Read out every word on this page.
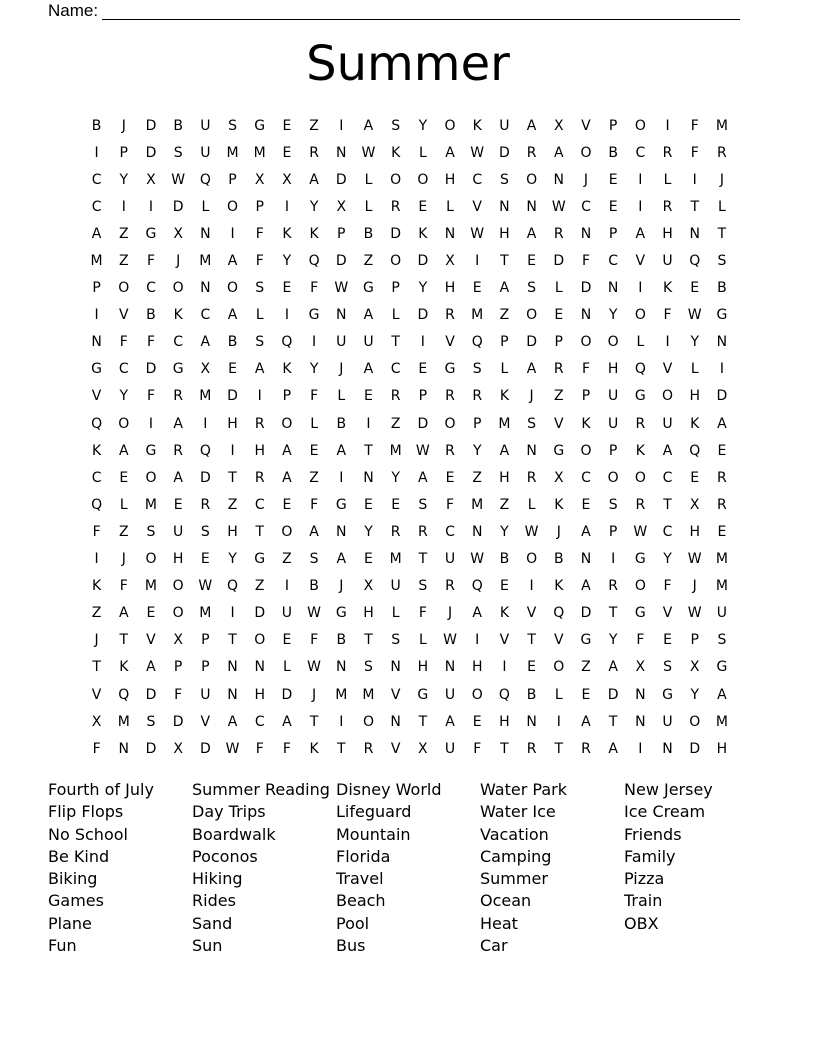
Name:
Summer
B	J	D	B	U	S	G	E	Z	I	A	S	Y	O	K	U	A	X	V	P	O	I	F	M
I	P	D	S	U	M	M	E	R	N	W	K	L	A	W	D	R	A	O	B	C	R	F	R
C	Y	X	W	Q	P	X	X	A	D	L	O	O	H	C	S	O	N	J	E	I	L	I	J
C	I	I	D	L	O	P	I	Y	X	L	R	E	L	V	N	N	W	C	E	I	R	T	L
A	Z	G	X	N	I	F	K	K	P	B	D	K	N	W	H	A	R	N	P	A	H	N	T
M	Z	F	J	M	A	F	Y	Q	D	Z	O	D	X	I	T	E	D	F	C	V	U	Q	S
P	O	C	O	N	O	S	E	F	W	G	P	Y	H	E	A	S	L	D	N	I	K	E	B
I	V	B	K	C	A	L	I	G	N	A	L	D	R	M	Z	O	E	N	Y	O	F	W	G
N	F	F	C	A	B	S	Q	I	U	U	T	I	V	Q	P	D	P	O	O	L	I	Y	N
G	C	D	G	X	E	A	K	Y	J	A	C	E	G	S	L	A	R	F	H	Q	V	L	I
V	Y	F	R	M	D	I	P	F	L	E	R	P	R	R	K	J	Z	P	U	G	O	H	D
Q	O	I	A	I	H	R	O	L	B	I	Z	D	O	P	M	S	V	K	U	R	U	K	A
K	A	G	R	Q	I	H	A	E	A	T	M	W	R	Y	A	N	G	O	P	K	A	Q	E
C	E	O	A	D	T	R	A	Z	I	N	Y	A	E	Z	H	R	X	C	O	O	C	E	R
Q	L	M	E	R	Z	C	E	F	G	E	E	S	F	M	Z	L	K	E	S	R	T	X	R
F	Z	S	U	S	H	T	O	A	N	Y	R	R	C	N	Y	W	J	A	P	W	C	H	E
I	J	O	H	E	Y	G	Z	S	A	E	M	T	U	W	B	O	B	N	I	G	Y	W	M
K	F	M	O	W	Q	Z	I	B	J	X	U	S	R	Q	E	I	K	A	R	O	F	J	M
Z	A	E	O	M	I	D	U	W	G	H	L	F	J	A	K	V	Q	D	T	G	V	W	U
J	T	V	X	P	T	O	E	F	B	T	S	L	W	I	V	T	V	G	Y	F	E	P	S
T	K	A	P	P	N	N	L	W	N	S	N	H	N	H	I	E	O	Z	A	X	S	X	G
V	Q	D	F	U	N	H	D	J	M	M	V	G	U	O	Q	B	L	E	D	N	G	Y	A
X	M	S	D	V	A	C	A	T	I	O	N	T	A	E	H	N	I	A	T	N	U	O	M
F	N	D	X	D	W	F	F	K	T	R	V	X	U	F	T	R	T	R	A	I	N	D	H
Fourth of July
Flip Flops
No School
Be Kind
Biking
Games
Plane
Fun
Summer Reading
Day Trips
Boardwalk
Poconos
Hiking
Rides
Sand
Sun
Disney World
Lifeguard
Mountain
Florida
Travel
Beach
Pool
Bus
Water Park
Water Ice
Vacation
Camping
Summer
Ocean
Heat
Car
New Jersey
Ice Cream
Friends
Family
Pizza
Train
OBX
